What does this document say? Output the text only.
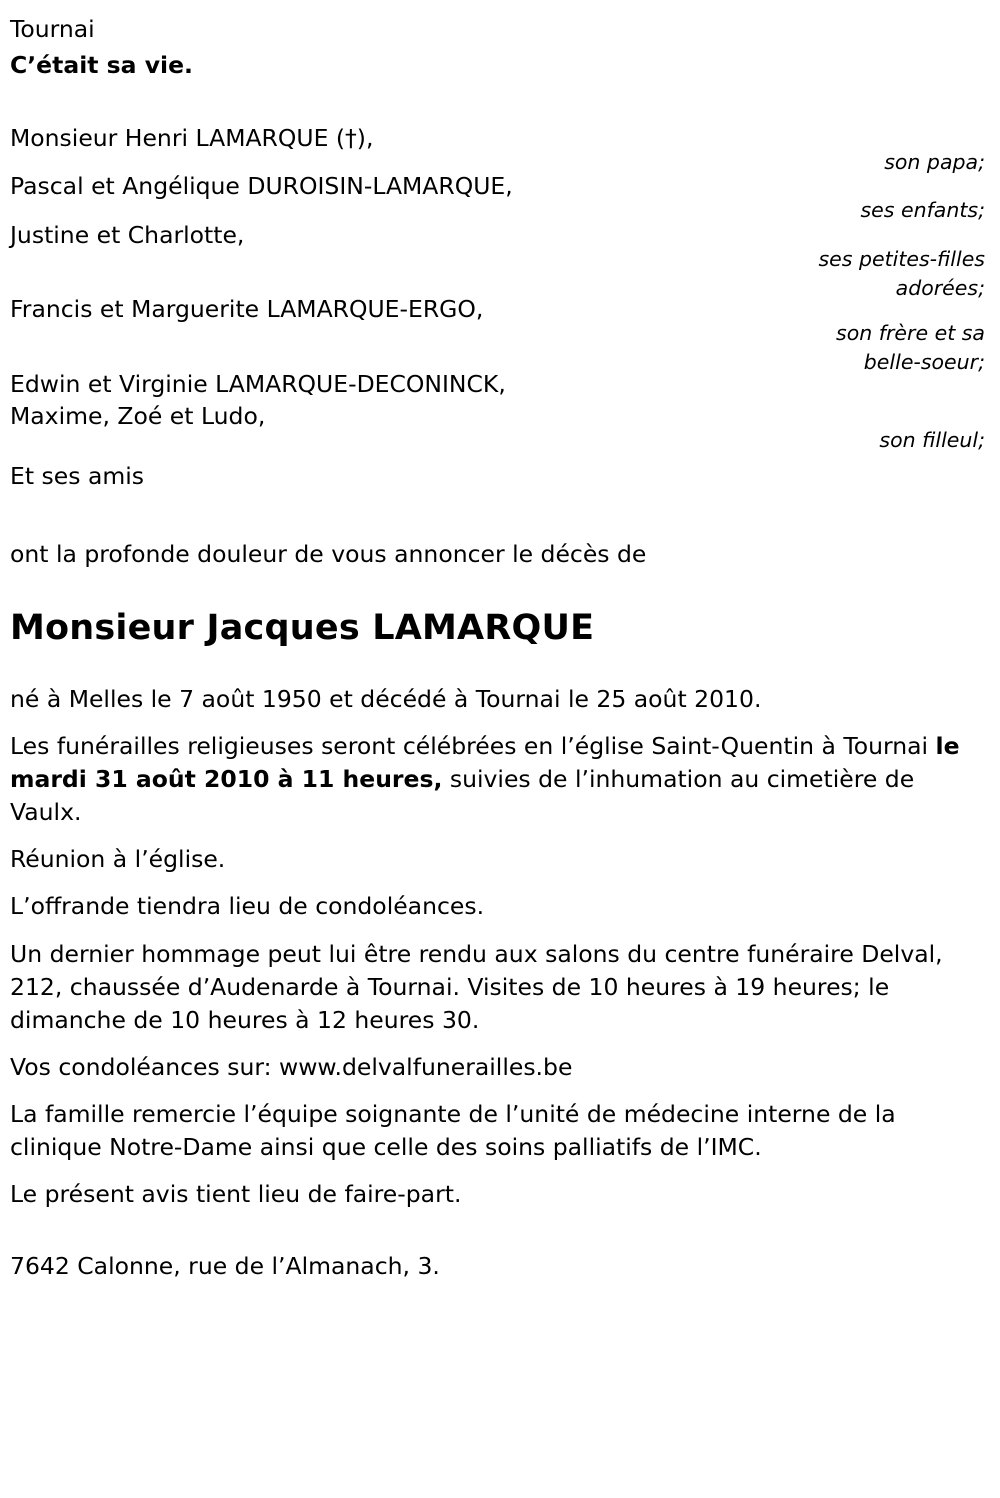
Tournai
Cʼétait sa vie.
Monsieur Henri LAMARQUE (†),
son papa;
Pascal et Angélique DUROISIN-LAMARQUE,
ses enfants;
Justine et Charlotte,
ses petites-filles adorées;
Francis et Marguerite LAMARQUE-ERGO,
son frère et sa belle-soeur;
Edwin et Virginie LAMARQUE-DECONINCK,
Maxime, Zoé et Ludo,
son filleul;
Et ses amis

ont la profonde douleur de vous annoncer le décès de

Monsieur Jacques LAMARQUE

né à Melles le 7 août 1950 et décédé à Tournai le 25 août 2010.

Les funérailles religieuses seront célébrées en lʼéglise Saint-Quentin à Tournai le mardi 31 août 2010 à 11 heures, suivies de lʼinhumation au cimetière de Vaulx.

Réunion à lʼéglise.

Lʼoffrande tiendra lieu de condoléances.

Un dernier hommage peut lui être rendu aux salons du centre funéraire Delval, 212, chaussée dʼAudenarde à Tournai. Visites de 10 heures à 19 heures; le dimanche de 10 heures à 12 heures 30.

Vos condoléances sur: www.delvalfunerailles.be

La famille remercie lʼéquipe soignante de lʼunité de médecine interne de la clinique Notre-Dame ainsi que celle des soins palliatifs de lʼIMC.

Le présent avis tient lieu de faire-part.

7642 Calonne, rue de lʼAlmanach, 3.
